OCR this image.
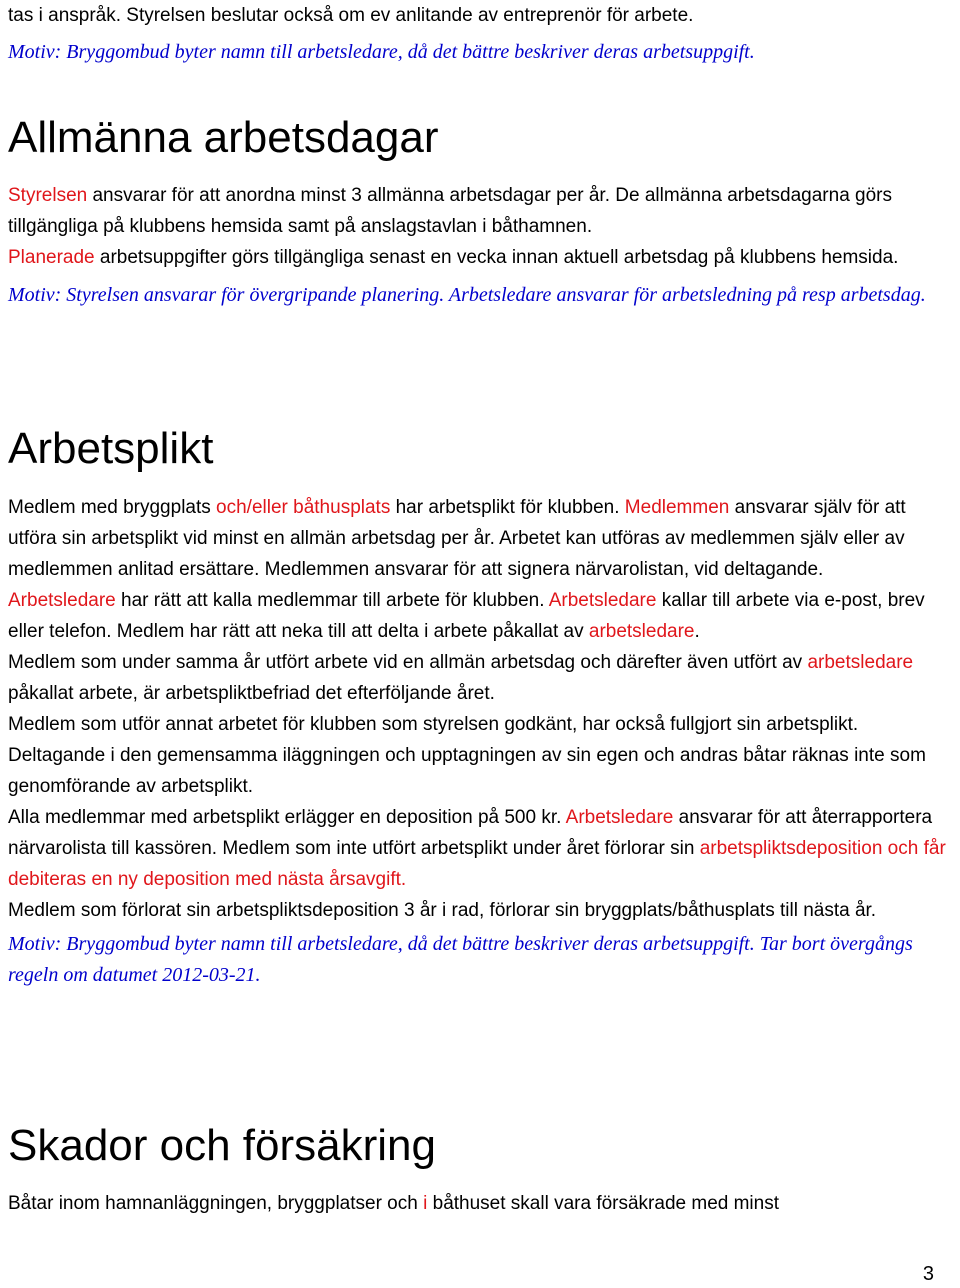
tas i anspråk. Styrelsen beslutar också om ev anlitande av entreprenör för arbete.

Motiv: Bryggombud byter namn till arbetsledare, då det bättre beskriver deras arbetsuppgift.

Allmänna arbetsdagar

Styrelsen ansvarar för att anordna minst 3 allmänna arbetsdagar per år. De allmänna arbetsdagarna görs tillgängliga på klubbens hemsida samt på anslagstavlan i båthamnen.

Planerade arbetsuppgifter görs tillgängliga senast en vecka innan aktuell arbetsdag på klubbens hemsida.

Motiv: Styrelsen ansvarar för övergripande planering. Arbetsledare ansvarar för arbetsledning på resp arbetsdag.

Arbetsplikt

Medlem med bryggplats och/eller båthusplats har arbetsplikt för klubben. Medlemmen ansvarar själv för att utföra sin arbetsplikt vid minst en allmän arbetsdag per år. Arbetet kan utföras av medlemmen själv eller av medlemmen anlitad ersättare. Medlemmen ansvarar för att signera närvarolistan, vid deltagande.

Arbetsledare har rätt att kalla medlemmar till arbete för klubben. Arbetsledare kallar till arbete via e-post, brev eller telefon. Medlem har rätt att neka till att delta i arbete påkallat av arbetsledare.

Medlem som under samma år utfört arbete vid en allmän arbetsdag och därefter även utfört av arbetsledare påkallat arbete, är arbetspliktbefriad det efterföljande året.

Medlem som utför annat arbetet för klubben som styrelsen godkänt, har också fullgjort sin arbetsplikt.

Deltagande i den gemensamma iläggningen och upptagningen av sin egen och andras båtar räknas inte som genomförande av arbetsplikt.

Alla medlemmar med arbetsplikt erlägger en deposition på 500 kr. Arbetsledare ansvarar för att återrapportera närvarolista till kassören. Medlem som inte utfört arbetsplikt under året förlorar sin arbetspliktsdeposition och får debiteras en ny deposition med nästa årsavgift.

Medlem som förlorat sin arbetspliktsdeposition 3 år i rad, förlorar sin bryggplats/båthusplats till nästa år.

Motiv: Bryggombud byter namn till arbetsledare, då det bättre beskriver deras arbetsuppgift. Tar bort övergångs regeln om datumet 2012-03-21.

Skador och försäkring

Båtar inom hamnanläggningen, bryggplatser och i båthuset skall vara försäkrade med minst

3
